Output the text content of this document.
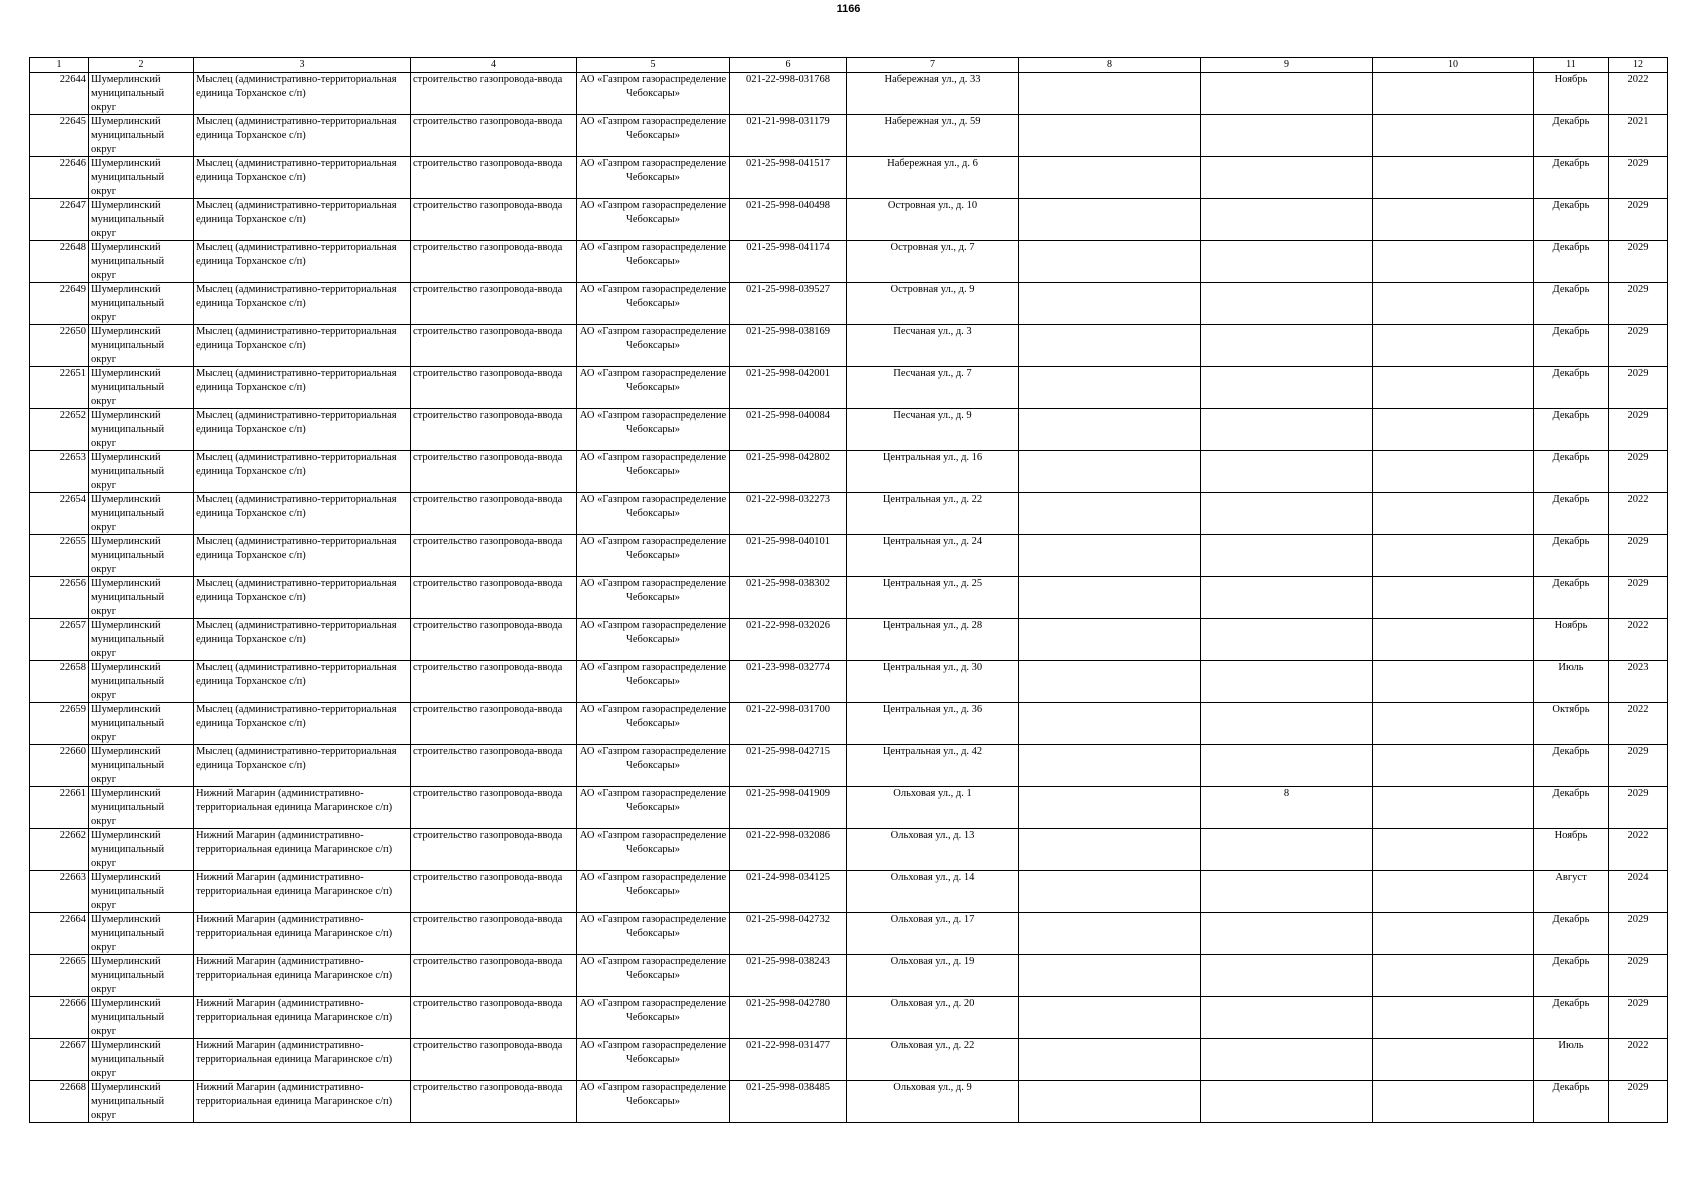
1166
1	2	3	4	5	6	7	8	9	10	11	12

22644	Шумерлинский муниципальный округ	Мыслец (административно-территориальная единица Торханское с/п)	строительство газопровода-ввода	АО «Газпром газораспределение Чебоксары»	021-22-998-031768	Набережная ул., д. 33				Ноябрь	2022

22645	Шумерлинский муниципальный округ	Мыслец (административно-территориальная единица Торханское с/п)	строительство газопровода-ввода	АО «Газпром газораспределение Чебоксары»	021-21-998-031179	Набережная ул., д. 59				Декабрь	2021

22646	Шумерлинский муниципальный округ	Мыслец (административно-территориальная единица Торханское с/п)	строительство газопровода-ввода	АО «Газпром газораспределение Чебоксары»	021-25-998-041517	Набережная ул., д. 6				Декабрь	2029

22647	Шумерлинский муниципальный округ	Мыслец (административно-территориальная единица Торханское с/п)	строительство газопровода-ввода	АО «Газпром газораспределение Чебоксары»	021-25-998-040498	Островная ул., д. 10				Декабрь	2029

22648	Шумерлинский муниципальный округ	Мыслец (административно-территориальная единица Торханское с/п)	строительство газопровода-ввода	АО «Газпром газораспределение Чебоксары»	021-25-998-041174	Островная ул., д. 7				Декабрь	2029

22649	Шумерлинский муниципальный округ	Мыслец (административно-территориальная единица Торханское с/п)	строительство газопровода-ввода	АО «Газпром газораспределение Чебоксары»	021-25-998-039527	Островная ул., д. 9				Декабрь	2029

22650	Шумерлинский муниципальный округ	Мыслец (административно-территориальная единица Торханское с/п)	строительство газопровода-ввода	АО «Газпром газораспределение Чебоксары»	021-25-998-038169	Песчаная ул., д. 3				Декабрь	2029

22651	Шумерлинский муниципальный округ	Мыслец (административно-территориальная единица Торханское с/п)	строительство газопровода-ввода	АО «Газпром газораспределение Чебоксары»	021-25-998-042001	Песчаная ул., д. 7				Декабрь	2029

22652	Шумерлинский муниципальный округ	Мыслец (административно-территориальная единица Торханское с/п)	строительство газопровода-ввода	АО «Газпром газораспределение Чебоксары»	021-25-998-040084	Песчаная ул., д. 9				Декабрь	2029

22653	Шумерлинский муниципальный округ	Мыслец (административно-территориальная единица Торханское с/п)	строительство газопровода-ввода	АО «Газпром газораспределение Чебоксары»	021-25-998-042802	Центральная ул., д. 16				Декабрь	2029

22654	Шумерлинский муниципальный округ	Мыслец (административно-территориальная единица Торханское с/п)	строительство газопровода-ввода	АО «Газпром газораспределение Чебоксары»	021-22-998-032273	Центральная ул., д. 22				Декабрь	2022

22655	Шумерлинский муниципальный округ	Мыслец (административно-территориальная единица Торханское с/п)	строительство газопровода-ввода	АО «Газпром газораспределение Чебоксары»	021-25-998-040101	Центральная ул., д. 24				Декабрь	2029

22656	Шумерлинский муниципальный округ	Мыслец (административно-территориальная единица Торханское с/п)	строительство газопровода-ввода	АО «Газпром газораспределение Чебоксары»	021-25-998-038302	Центральная ул., д. 25				Декабрь	2029

22657	Шумерлинский муниципальный округ	Мыслец (административно-территориальная единица Торханское с/п)	строительство газопровода-ввода	АО «Газпром газораспределение Чебоксары»	021-22-998-032026	Центральная ул., д. 28				Ноябрь	2022

22658	Шумерлинский муниципальный округ	Мыслец (административно-территориальная единица Торханское с/п)	строительство газопровода-ввода	АО «Газпром газораспределение Чебоксары»	021-23-998-032774	Центральная ул., д. 30				Июль	2023

22659	Шумерлинский муниципальный округ	Мыслец (административно-территориальная единица Торханское с/п)	строительство газопровода-ввода	АО «Газпром газораспределение Чебоксары»	021-22-998-031700	Центральная ул., д. 36				Октябрь	2022

22660	Шумерлинский муниципальный округ	Мыслец (административно-территориальная единица Торханское с/п)	строительство газопровода-ввода	АО «Газпром газораспределение Чебоксары»	021-25-998-042715	Центральная ул., д. 42				Декабрь	2029

22661	Шумерлинский муниципальный округ	Нижний Магарин (административно-территориальная единица Магаринское с/п)	строительство газопровода-ввода	АО «Газпром газораспределение Чебоксары»	021-25-998-041909	Ольховая ул., д. 1		8		Декабрь	2029

22662	Шумерлинский муниципальный округ	Нижний Магарин (административно-территориальная единица Магаринское с/п)	строительство газопровода-ввода	АО «Газпром газораспределение Чебоксары»	021-22-998-032086	Ольховая ул., д. 13				Ноябрь	2022

22663	Шумерлинский муниципальный округ	Нижний Магарин (административно-территориальная единица Магаринское с/п)	строительство газопровода-ввода	АО «Газпром газораспределение Чебоксары»	021-24-998-034125	Ольховая ул., д. 14				Август	2024

22664	Шумерлинский муниципальный округ	Нижний Магарин (административно-территориальная единица Магаринское с/п)	строительство газопровода-ввода	АО «Газпром газораспределение Чебоксары»	021-25-998-042732	Ольховая ул., д. 17				Декабрь	2029

22665	Шумерлинский муниципальный округ	Нижний Магарин (административно-территориальная единица Магаринское с/п)	строительство газопровода-ввода	АО «Газпром газораспределение Чебоксары»	021-25-998-038243	Ольховая ул., д. 19				Декабрь	2029

22666	Шумерлинский муниципальный округ	Нижний Магарин (административно-территориальная единица Магаринское с/п)	строительство газопровода-ввода	АО «Газпром газораспределение Чебоксары»	021-25-998-042780	Ольховая ул., д. 20				Декабрь	2029

22667	Шумерлинский муниципальный округ	Нижний Магарин (административно-территориальная единица Магаринское с/п)	строительство газопровода-ввода	АО «Газпром газораспределение Чебоксары»	021-22-998-031477	Ольховая ул., д. 22				Июль	2022

22668	Шумерлинский муниципальный округ	Нижний Магарин (административно-территориальная единица Магаринское с/п)	строительство газопровода-ввода	АО «Газпром газораспределение Чебоксары»	021-25-998-038485	Ольховая ул., д. 9				Декабрь	2029
